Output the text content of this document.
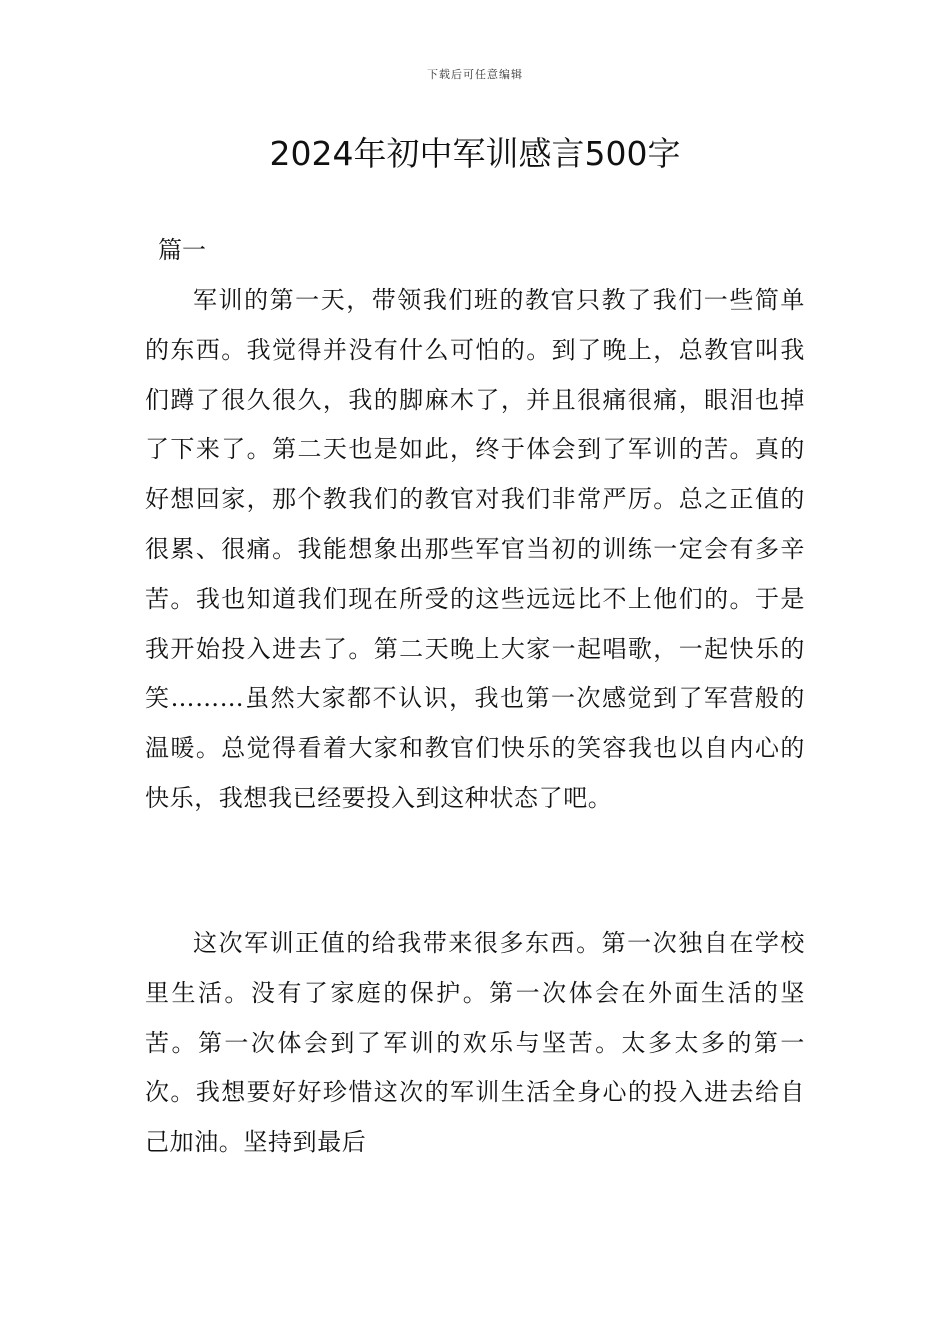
下载后可任意编辑
2024年初中军训感言500字

篇一

军训的第一天，带领我们班的教官只教了我们一些简单的东西。我觉得并没有什么可怕的。到了晚上，总教官叫我们蹲了很久很久，我的脚麻木了，并且很痛很痛，眼泪也掉了下来了。第二天也是如此，终于体会到了军训的苦。真的好想回家，那个教我们的教官对我们非常严厉。总之正值的很累、很痛。我能想象出那些军官当初的训练一定会有多辛苦。我也知道我们现在所受的这些远远比不上他们的。于是我开始投入进去了。第二天晚上大家一起唱歌，一起快乐的笑………虽然大家都不认识，我也第一次感觉到了军营般的温暖。总觉得看着大家和教官们快乐的笑容我也以自内心的快乐，我想我已经要投入到这种状态了吧。

这次军训正值的给我带来很多东西。第一次独自在学校里生活。没有了家庭的保护。第一次体会在外面生活的坚苦。第一次体会到了军训的欢乐与坚苦。太多太多的第一次。我想要好好珍惜这次的军训生活全身心的投入进去给自己加油。坚持到最后
